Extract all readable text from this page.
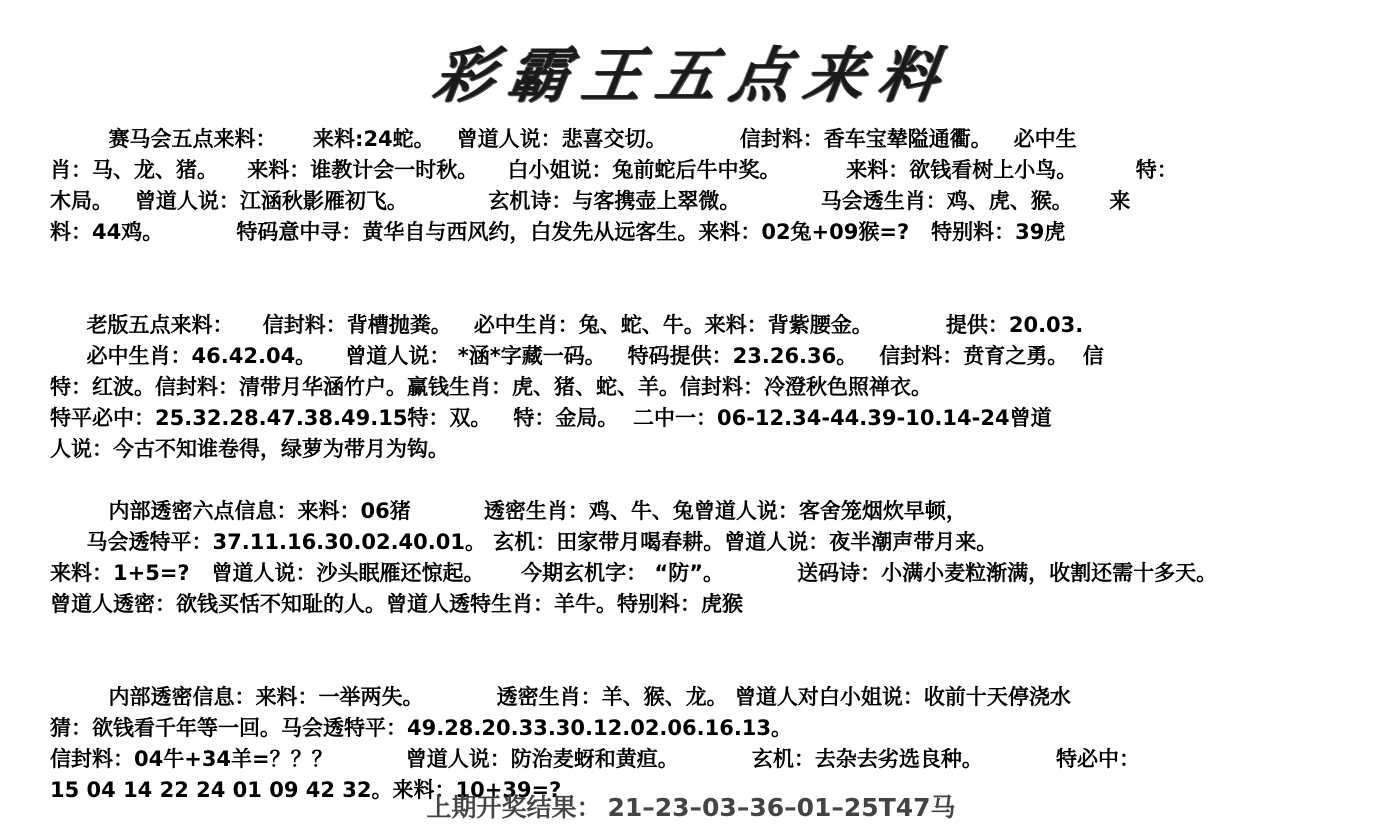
彩霸王五点来料
赛马会五点来料：     来料:24蛇。   曾道人说：悲喜交切。          信封料：香车宝辇隘通衢。   必中生
肖：马、龙、猪。    来料：谁教计会一时秋。    白小姐说：兔前蛇后牛中奖。         来料：欲钱看树上小鸟。        特：
木局。   曾道人说：江涵秋影雁初飞。           玄机诗：与客携壶上翠微。           马会透生肖：鸡、虎、猴。     来
料：44鸡。          特码意中寻：黄华自与西风约，白发先从远客生。来料：02兔+09猴=?   特别料：39虎
老版五点来料：    信封料：背槽抛粪。   必中生肖：兔、蛇、牛。来料：背紫腰金。          提供：20.03.
必中生肖：46.42.04。    曾道人说： *涵*字藏一码。   特码提供：23.26.36。   信封料：贲育之勇。  信
特：红波。信封料：清带月华涵竹户。赢钱生肖：虎、猪、蛇、羊。信封料：冷澄秋色照禅衣。
特平必中：25.32.28.47.38.49.15特：双。   特：金局。  二中一：06-12.34-44.39-10.14-24曾道
人说：今古不知谁卷得，绿萝为带月为钩。
内部透密六点信息：来料：06猪          透密生肖：鸡、牛、兔曾道人说：客舍笼烟炊早顿，
马会透特平：37.11.16.30.02.40.01。 玄机：田家带月喝春耕。曾道人说：夜半潮声带月来。
来料：1+5=?   曾道人说：沙头眠雁还惊起。     今期玄机字： “防”。          送码诗：小满小麦粒渐满，收割还需十多天。
曾道人透密：欲钱买恬不知耻的人。曾道人透特生肖：羊牛。特别料：虎猴
内部透密信息：来料：一举两失。          透密生肖：羊、猴、龙。 曾道人对白小姐说：收前十天停浇水
猜：欲钱看千年等一回。马会透特平：49.28.20.33.30.12.02.06.16.13。
信封料：04牛+34羊=？？？          曾道人说：防治麦蚜和黄疸。          玄机：去杂去劣选良种。          特必中：
15 04 14 22 24 01 09 42 32。来料：10+39=?
上期开奖结果： 21–23–03–36–01–25T47马
